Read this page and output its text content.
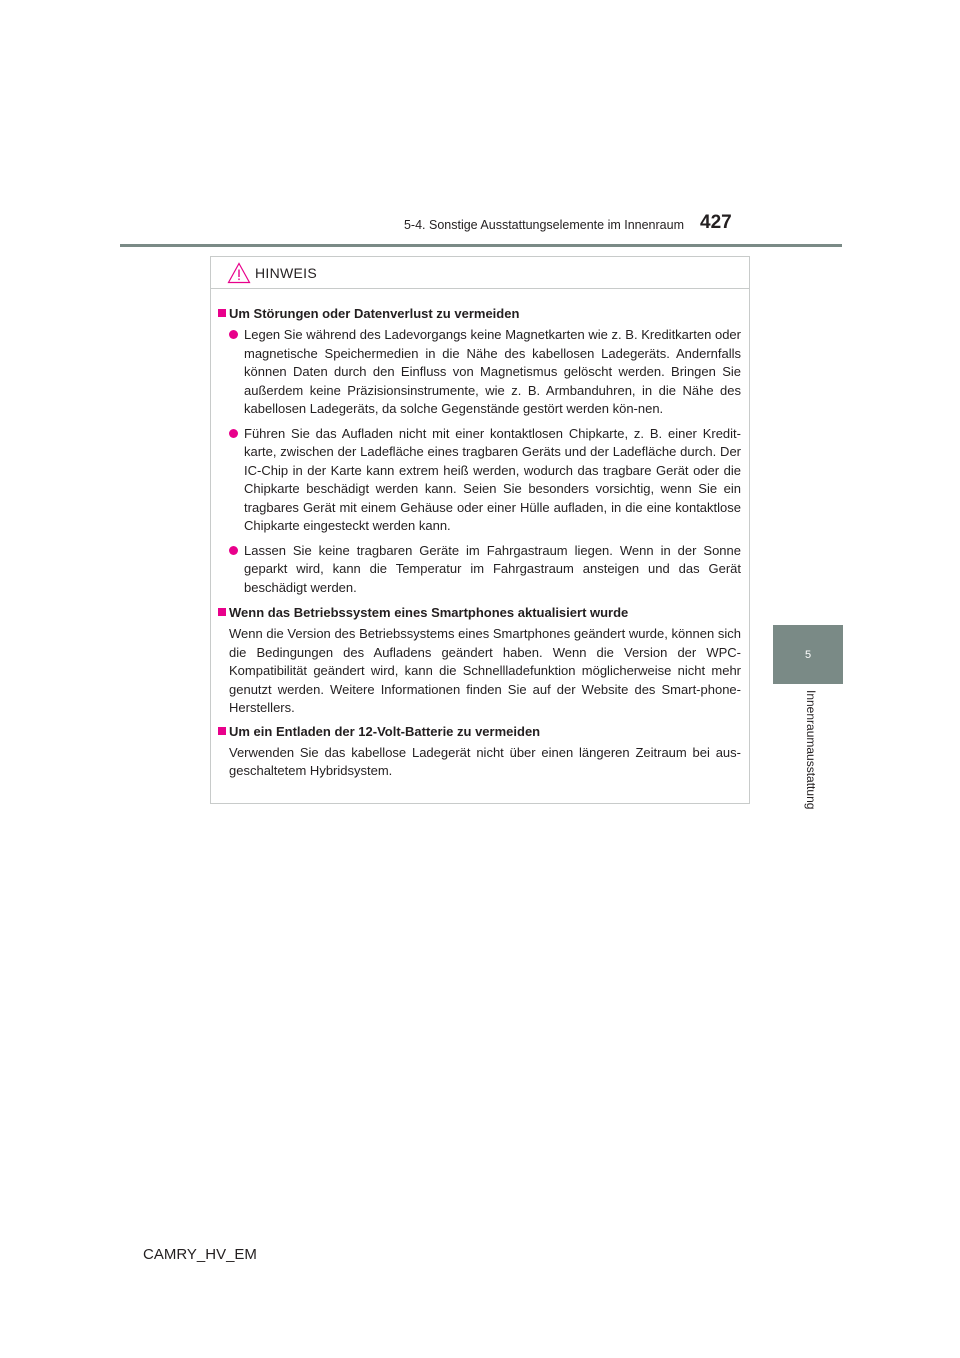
5-4. Sonstige Ausstattungselemente im Innenraum 427
5
Innenraumausstattung
HINWEIS
Um Störungen oder Datenverlust zu vermeiden
Legen Sie während des Ladevorgangs keine Magnetkarten wie z. B. Kreditkarten oder magnetische Speichermedien in die Nähe des kabellosen Ladegeräts. Andernfalls können Daten durch den Einfluss von Magnetismus gelöscht werden. Bringen Sie außerdem keine Präzisionsinstrumente, wie z. B. Armbanduhren, in die Nähe des kabellosen Ladegeräts, da solche Gegenstände gestört werden kön-nen.
Führen Sie das Aufladen nicht mit einer kontaktlosen Chipkarte, z. B. einer Kredit-karte, zwischen der Ladefläche eines tragbaren Geräts und der Ladefläche durch. Der IC-Chip in der Karte kann extrem heiß werden, wodurch das tragbare Gerät oder die Chipkarte beschädigt werden kann. Seien Sie besonders vorsichtig, wenn Sie ein tragbares Gerät mit einem Gehäuse oder einer Hülle aufladen, in die eine kontaktlose Chipkarte eingesteckt werden kann.
Lassen Sie keine tragbaren Geräte im Fahrgastraum liegen. Wenn in der Sonne geparkt wird, kann die Temperatur im Fahrgastraum ansteigen und das Gerät beschädigt werden.
Wenn das Betriebssystem eines Smartphones aktualisiert wurde
Wenn die Version des Betriebssystems eines Smartphones geändert wurde, können sich die Bedingungen des Aufladens geändert haben. Wenn die Version der WPC-Kompatibilität geändert wird, kann die Schnellladefunktion möglicherweise nicht mehr genutzt werden. Weitere Informationen finden Sie auf der Website des Smart-phone-Herstellers.
Um ein Entladen der 12-Volt-Batterie zu vermeiden
Verwenden Sie das kabellose Ladegerät nicht über einen längeren Zeitraum bei aus-geschaltetem Hybridsystem.
CAMRY_HV_EM
